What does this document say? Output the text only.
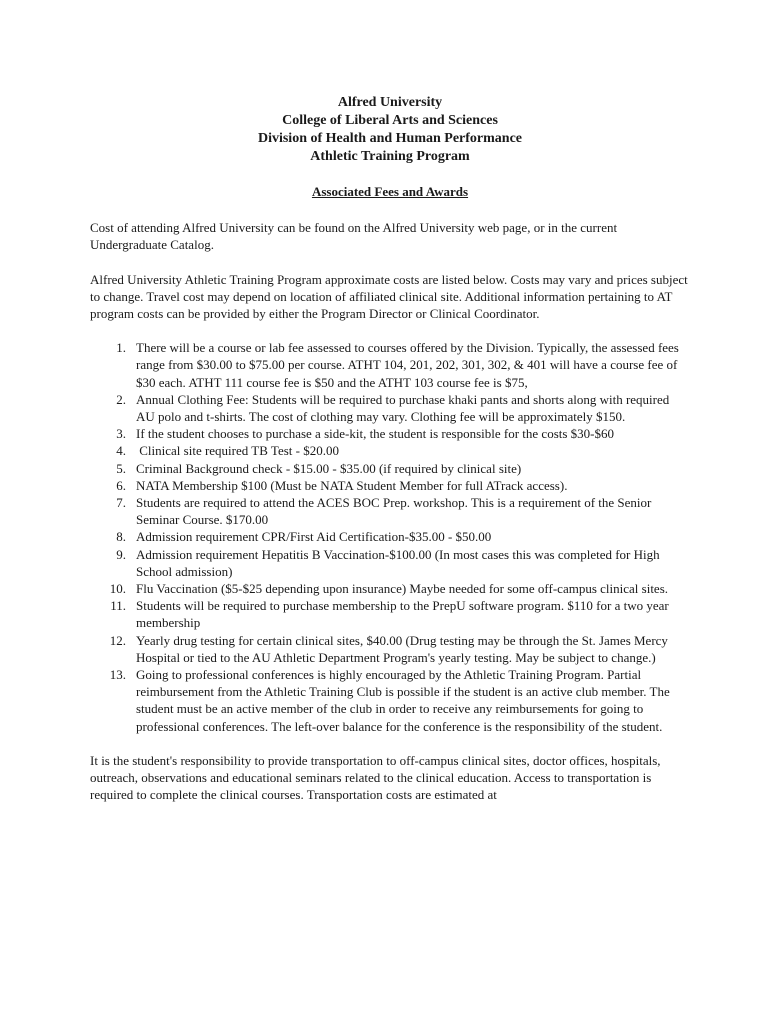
Alfred University
College of Liberal Arts and Sciences
Division of Health and Human Performance
Athletic Training Program
Associated Fees and Awards

Cost of attending Alfred University can be found on the Alfred University web page, or in the current Undergraduate Catalog.

Alfred University Athletic Training Program approximate costs are listed below. Costs may vary and prices subject to change. Travel cost may depend on location of affiliated clinical site. Additional information pertaining to AT program costs can be provided by either the Program Director or Clinical Coordinator.

1. There will be a course or lab fee assessed to courses offered by the Division. Typically, the assessed fees range from $30.00 to $75.00 per course. ATHT 104, 201, 202, 301, 302, & 401 will have a course fee of $30 each. ATHT 111 course fee is $50 and the ATHT 103 course fee is $75,
2. Annual Clothing Fee: Students will be required to purchase khaki pants and shorts along with required AU polo and t-shirts. The cost of clothing may vary. Clothing fee will be approximately $150.
3. If the student chooses to purchase a side-kit, the student is responsible for the costs $30-$60
4. Clinical site required TB Test - $20.00
5. Criminal Background check - $15.00 - $35.00 (if required by clinical site)
6. NATA Membership $100 (Must be NATA Student Member for full ATrack access).
7. Students are required to attend the ACES BOC Prep. workshop. This is a requirement of the Senior Seminar Course. $170.00
8. Admission requirement CPR/First Aid Certification-$35.00 - $50.00
9. Admission requirement Hepatitis B Vaccination-$100.00 (In most cases this was completed for High School admission)
10. Flu Vaccination ($5-$25 depending upon insurance) Maybe needed for some off-campus clinical sites.
11. Students will be required to purchase membership to the PrepU software program. $110 for a two year membership
12. Yearly drug testing for certain clinical sites, $40.00 (Drug testing may be through the St. James Mercy Hospital or tied to the AU Athletic Department Program's yearly testing. May be subject to change.)
13. Going to professional conferences is highly encouraged by the Athletic Training Program. Partial reimbursement from the Athletic Training Club is possible if the student is an active club member. The student must be an active member of the club in order to receive any reimbursements for going to professional conferences. The left-over balance for the conference is the responsibility of the student.

It is the student's responsibility to provide transportation to off-campus clinical sites, doctor offices, hospitals, outreach, observations and educational seminars related to the clinical education. Access to transportation is required to complete the clinical courses. Transportation costs are estimated at
